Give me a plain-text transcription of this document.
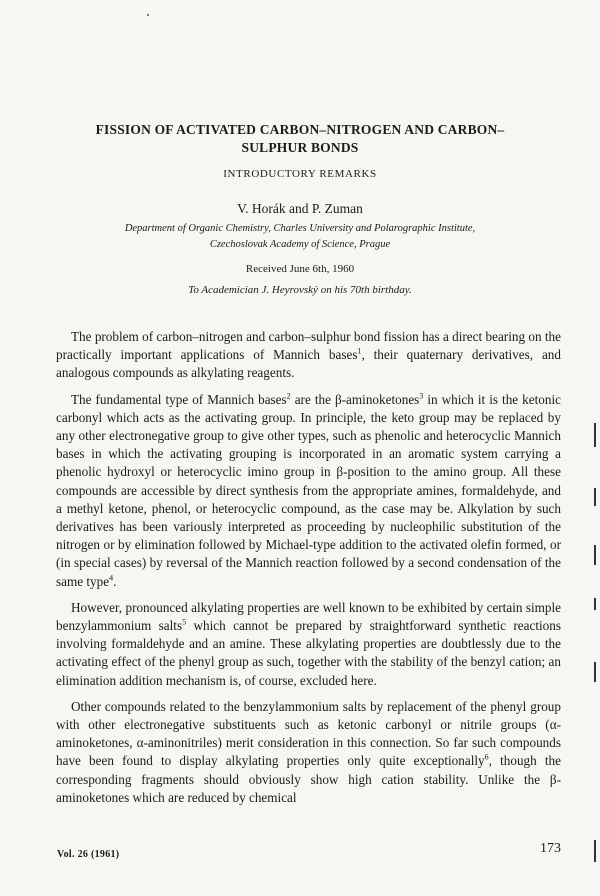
FISSION OF ACTIVATED CARBON–NITROGEN AND CARBON–
SULPHUR BONDS
INTRODUCTORY REMARKS
V. Horák and P. Zuman
Department of Organic Chemistry, Charles University and Polarographic Institute,
Czechoslovak Academy of Science, Prague
Received June 6th, 1960
To Academician J. Heyrovský on his 70th birthday.

The problem of carbon–nitrogen and carbon–sulphur bond fission has a direct bearing on the practically important applications of Mannich bases$^1$, their quaternary derivatives, and analogous compounds as alkylating reagents.

The fundamental type of Mannich bases$^2$ are the β-aminoketones$^3$ in which it is the ketonic carbonyl which acts as the activating group. In principle, the keto group may be replaced by any other electronegative group to give other types, such as phenolic and heterocyclic Mannich bases in which the activating grouping is incorporated in an aromatic system carrying a phenolic hydroxyl or heterocyclic imino group in β-position to the amino group. All these compounds are accessible by direct synthesis from the appropriate amines, formaldehyde, and a methyl ketone, phenol, or heterocyclic compound, as the case may be. Alkylation by such derivatives has been variously interpreted as proceeding by nucleophilic substitution of the nitrogen or by elimination followed by Michael-type addition to the activated olefin formed, or (in special cases) by reversal of the Mannich reaction followed by a second condensation of the same type$^4$.

However, pronounced alkylating properties are well known to be exhibited by certain simple benzylammonium salts$^5$ which cannot be prepared by straightforward synthetic reactions involving formaldehyde and an amine. These alkylating properties are doubtlessly due to the activating effect of the phenyl group as such, together with the stability of the benzyl cation; an elimination addition mechanism is, of course, excluded here.

Other compounds related to the benzylammonium salts by replacement of the phenyl group with other electronegative substituents such as ketonic carbonyl or nitrile groups (α-aminoketones, α-aminonitriles) merit consideration in this connection. So far such compounds have been found to display alkylating properties only quite exceptionally$^6$, though the corresponding fragments should obviously show high cation stability. Unlike the β-aminoketones which are reduced by chemical

Vol. 26 (1961)	173
